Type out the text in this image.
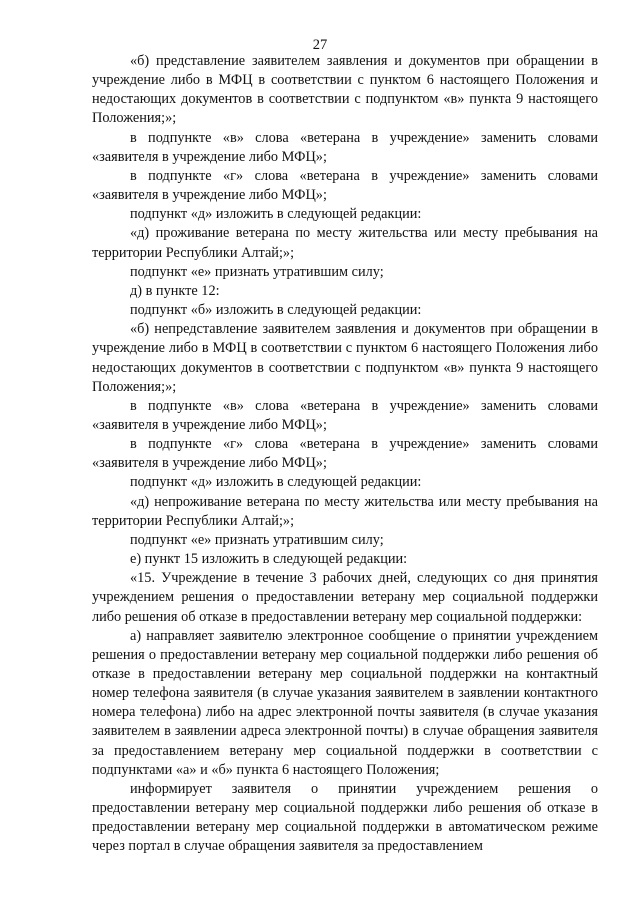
27

«б) представление заявителем заявления и документов при обращении в учреждение либо в МФЦ в соответствии с пунктом 6 настоящего Положения и недостающих документов в соответствии с подпунктом «в» пункта 9 настоящего Положения;»;

в подпункте «в» слова «ветерана в учреждение» заменить словами «заявителя в учреждение либо МФЦ»;

в подпункте «г» слова «ветерана в учреждение» заменить словами «заявителя в учреждение либо МФЦ»;

подпункт «д» изложить в следующей редакции:

«д) проживание ветерана по месту жительства или месту пребывания на территории Республики Алтай;»;

подпункт «е» признать утратившим силу;

д) в пункте 12:

подпункт «б» изложить в следующей редакции:

«б) непредставление заявителем заявления и документов при обращении в учреждение либо в МФЦ в соответствии с пунктом 6 настоящего Положения либо недостающих документов в соответствии с подпунктом «в» пункта 9 настоящего Положения;»;

в подпункте «в» слова «ветерана в учреждение» заменить словами «заявителя в учреждение либо МФЦ»;

в подпункте «г» слова «ветерана в учреждение» заменить словами «заявителя в учреждение либо МФЦ»;

подпункт «д» изложить в следующей редакции:

«д) непроживание ветерана по месту жительства или месту пребывания на территории Республики Алтай;»;

подпункт «е» признать утратившим силу;

е) пункт 15 изложить в следующей редакции:

«15. Учреждение в течение 3 рабочих дней, следующих со дня принятия учреждением решения о предоставлении ветерану мер социальной поддержки либо решения об отказе в предоставлении ветерану мер социальной поддержки:

а) направляет заявителю электронное сообщение о принятии учреждением решения о предоставлении ветерану мер социальной поддержки либо решения об отказе в предоставлении ветерану мер социальной поддержки на контактный номер телефона заявителя (в случае указания заявителем в заявлении контактного номера телефона) либо на адрес электронной почты заявителя (в случае указания заявителем в заявлении адреса электронной почты) в случае обращения заявителя за предоставлением ветерану мер социальной поддержки в соответствии с подпунктами «а» и «б» пункта 6 настоящего Положения;

информирует заявителя о принятии учреждением решения о предоставлении ветерану мер социальной поддержки либо решения об отказе в предоставлении ветерану мер социальной поддержки в автоматическом режиме через портал в случае обращения заявителя за предоставлением
